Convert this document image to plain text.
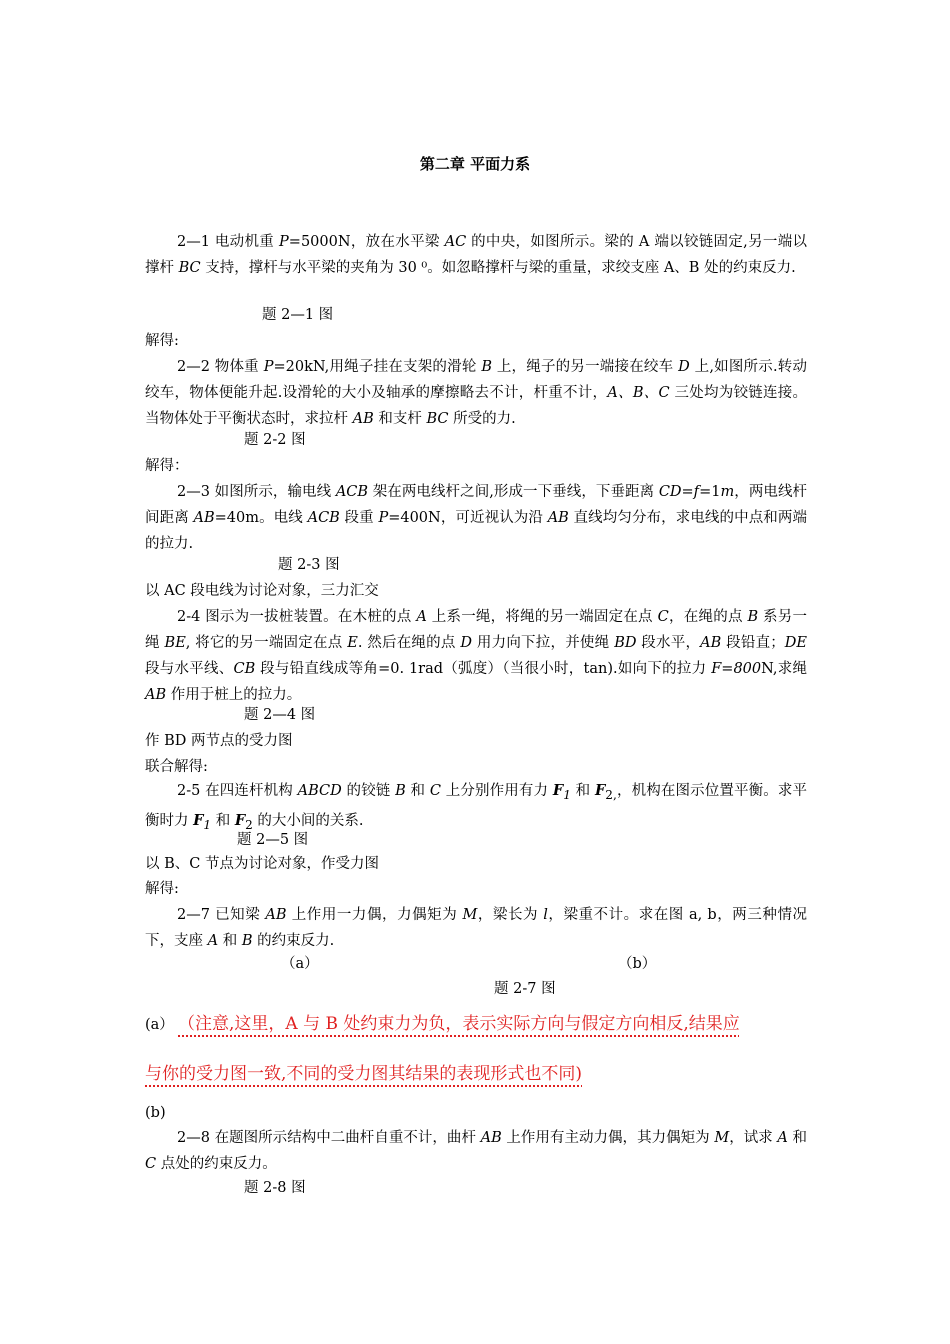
第二章 平面力系
2—1 电动机重 P=5000N，放在水平梁 AC 的中央，如图所示。梁的 A 端以铰链固定,另一端以撑杆 BC 支持，撑杆与水平梁的夹角为 30 ⁰。如忽略撑杆与梁的重量，求绞支座 A、B 处的约束反力.
题 2—1 图
解得:
2—2 物体重 P=20kN,用绳子挂在支架的滑轮 B 上，绳子的另一端接在绞车 D 上,如图所示.转动绞车，物体便能升起.设滑轮的大小及轴承的摩擦略去不计，杆重不计，A、B、C 三处均为铰链连接。当物体处于平衡状态时，求拉杆 AB 和支杆 BC 所受的力.
题 2-2 图
解得：
2—3 如图所示，输电线 ACB 架在两电线杆之间,形成一下垂线，下垂距离 CD=f=1m，两电线杆间距离 AB=40m。电线 ACB 段重 P=400N，可近视认为沿 AB 直线均匀分布，求电线的中点和两端的拉力.
题 2-3 图
以 AC 段电线为讨论对象，三力汇交
2-4 图示为一拔桩装置。在木桩的点 A 上系一绳，将绳的另一端固定在点 C，在绳的点 B 系另一绳 BE, 将它的另一端固定在点 E. 然后在绳的点 D 用力向下拉，并使绳 BD 段水平，AB 段铅直；DE 段与水平线、CB 段与铅直线成等角=0. 1rad（弧度）（当很小时，tan).如向下的拉力 F=800N,求绳 AB 作用于桩上的拉力。
题 2—4 图
作 BD 两节点的受力图
联合解得:
2-5 在四连杆机构 ABCD 的铰链 B 和 C 上分别作用有力 $F_1$ 和 $F_{2,}$，机构在图示位置平衡。求平衡时力 $F_1$ 和 $F_2$ 的大小间的关系.
题 2—5 图
以 B、C 节点为讨论对象，作受力图
解得:
2—7 已知梁 AB 上作用一力偶，力偶矩为 M，梁长为 l，梁重不计。求在图 a, b，两三种情况下，支座 A 和 B 的约束反力.
（a）	（b）
题 2-7 图
(a） （注意,这里，A 与 B 处约束力为负，表示实际方向与假定方向相反,结果应
与你的受力图一致,不同的受力图其结果的表现形式也不同)
(b)
2—8 在题图所示结构中二曲杆自重不计，曲杆 AB 上作用有主动力偶，其力偶矩为 M，试求 A 和 C 点处的约束反力。
题 2-8 图
